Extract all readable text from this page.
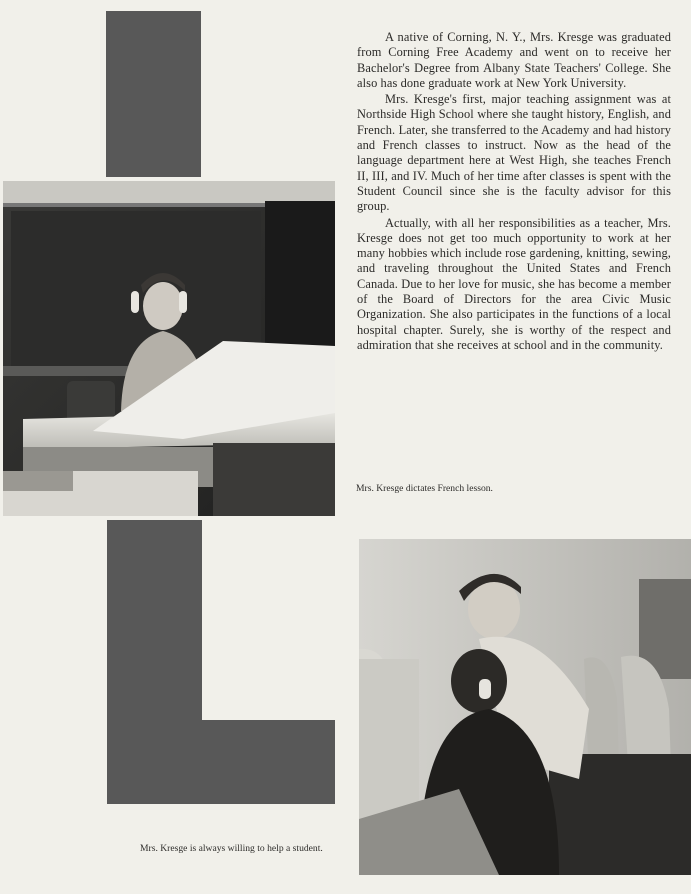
A native of Corning, N. Y., Mrs. Kresge was graduated from Corning Free Academy and went on to receive her Bachelor's Degree from Albany State Teachers' College. She also has done graduate work at New York University.

Mrs. Kresge's first, major teaching assignment was at Northside High School where she taught history, English, and French. Later, she transferred to the Academy and had history and French classes to instruct. Now as the head of the language department here at West High, she teaches French II, III, and IV. Much of her time after classes is spent with the Student Council since she is the faculty advisor for this group.

Actually, with all her responsibilities as a teacher, Mrs. Kresge does not get too much opportunity to work at her many hobbies which include rose gardening, knitting, sewing, and traveling throughout the United States and French Canada. Due to her love for music, she has become a member of the Board of Directors for the area Civic Music Organization. She also participates in the functions of a local hospital chapter. Surely, she is worthy of the respect and admiration that she receives at school and in the community.

Mrs. Kresge dictates French lesson.
Mrs. Kresge is always willing to help a student.
